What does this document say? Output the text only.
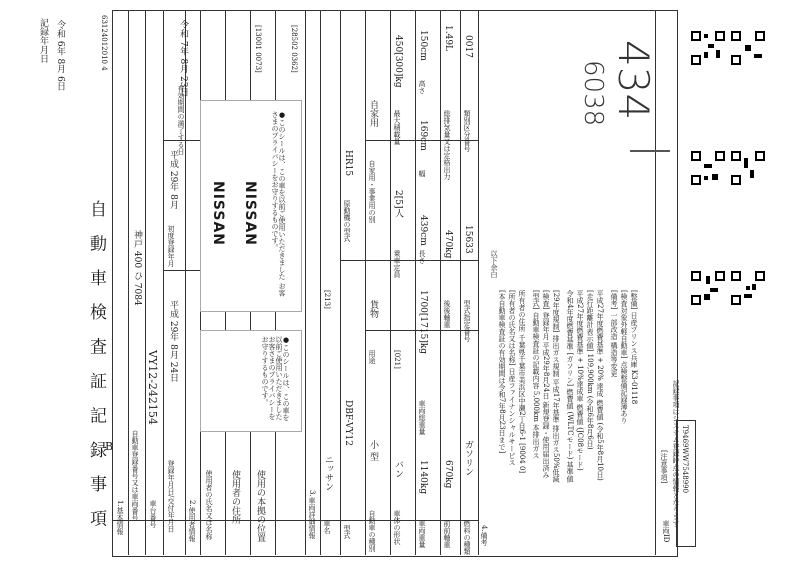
自 動 車 検 査 証 記 録 事 項 B
記録年月日 令和 6年 8月 6日
63124012010 4
1.基本情報 自動車登録番号又は車両番号
神戸 400 ひ 7084
車台番号
VY12-242154
登録年月日/交付年月日
平成 29年 8月 24日
初度登録年月
平成 29年 8月
有効期間の満了する日
令和 7年 8月 23日
2.使用者情報 使用者の氏名又は名称 使用者の住所 使用の本拠の位置
[13001 0073]	[28502 0362]
NISSAN NISSAN	●このシールは、この車を以前ご使用いただきました お客さまのプライバシーをお守りするものです。
●このシールは、この車を以前ご使用いただきました お客さまのプライバシーをお守りするものです。
3.車両詳細情報 車名
ニッサン
[213]
型式
DBF-VY12
原動機の型式
HR15
自動車の種別
小 型
用途
貨物
自家用・事業用の別
自家用
車体の形状
バン
[021]
乗車定員
2[5]人
最大積載量
450[300]kg
車両重量
1140kg
車両総重量
1700[1715]kg
長さ
439cm
幅
169cm
高さ
150cm
前前軸重
670kg
後後軸重
470kg
総排気量又は定格出力
1.49L
燃料の種類
ガソリン
型式指定番号
15633
類別区分番号
0017
4.備考
以下余白
[本自動車検査証の有効期間は令和7年8月23日まで] [所有者の氏名又は名称] 日産ファイナンシャルサービス 所有者の住所 千葉県千葉市美浜区中瀬2丁目6-1 [9004 0] [型式] 自動車検査証の記載内容 5,000km 本排出ガス [検査] 登録年月 平成29年8月24日 新規登録・使用届出済み [29年度規制] 排出ガス規制 平成17年基準 排出ガス50%低減 令和4年度燃費基準 [ガソリン] 燃費値 (WLTCモード) 基準値 平成27年度燃費基準 + 10%達成車 燃費値 (JC08モード) [走行距離計表示値] 109,900km (令和6年8月6日) 平成27年度燃費基準 + 20% 達成 燃費値 (令和5年8月10日) [備考] 一部改造 構造等変更 [検査対象外軽自動車] 点検整備記録簿あり [整備] 日産プリンス兵庫 K3-01118
[注意事項] 記録事項はシステム登録時点の情報となります
車両ID
T9469WW7548990
6038 434
